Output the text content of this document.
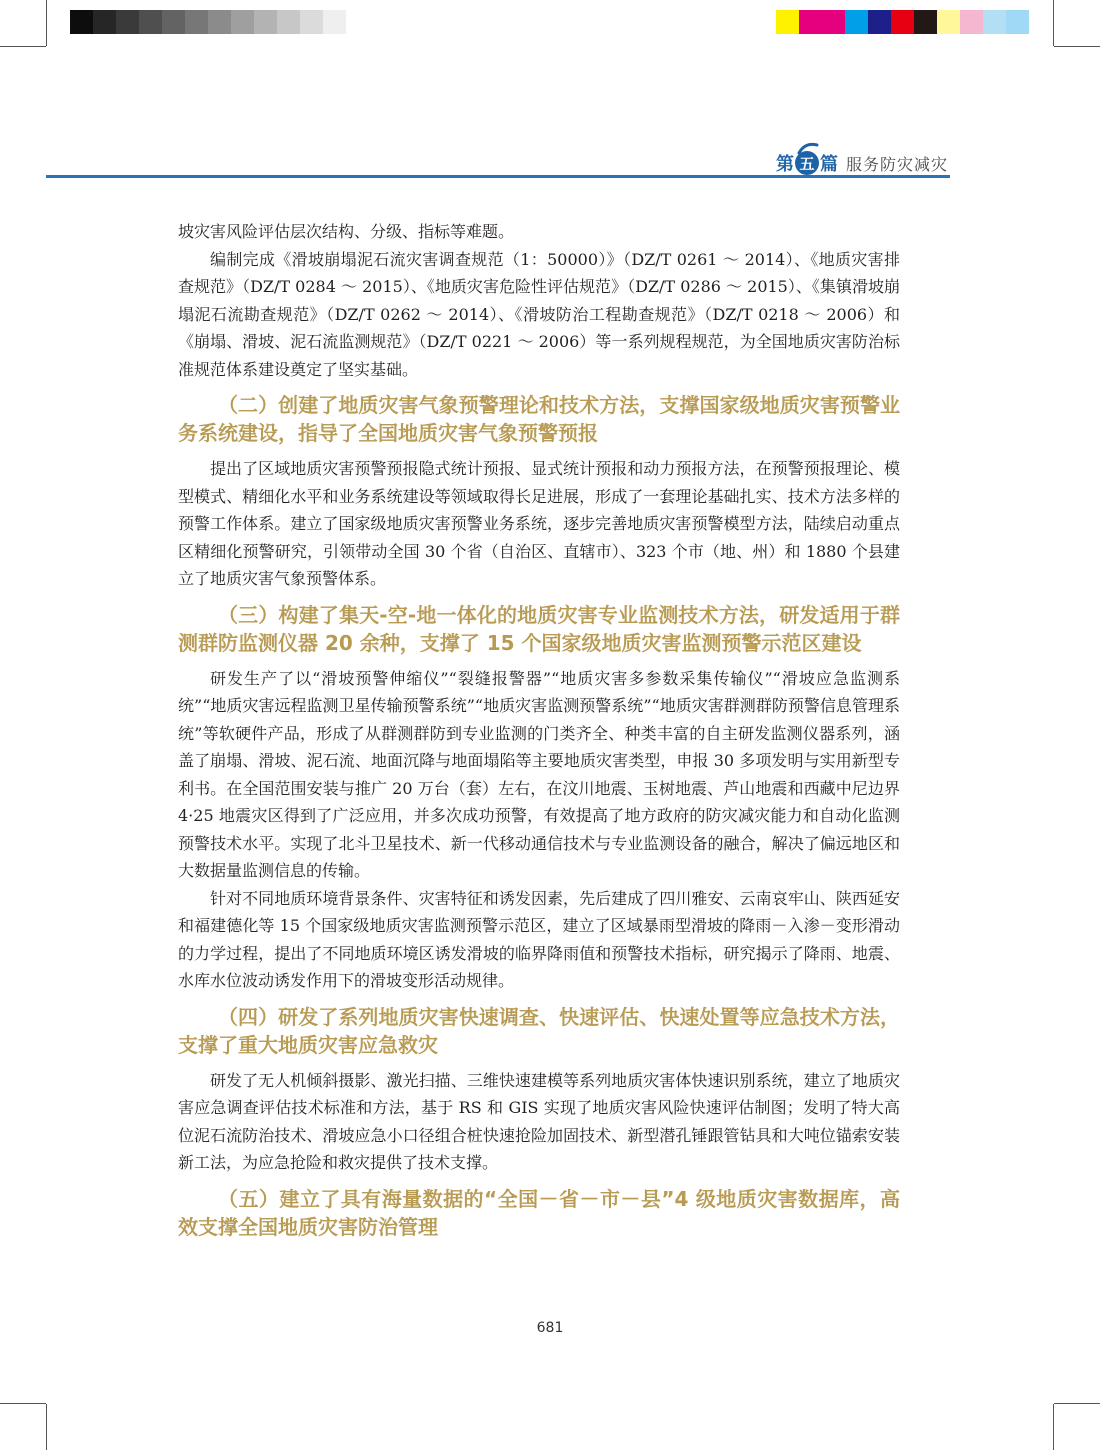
第 五 篇 服务防灾减灾

坡灾害风险评估层次结构、分级、指标等难题。

编制完成《滑坡崩塌泥石流灾害调查规范（1：50000）》（DZ/T 0261 ～ 2014）、《地质灾害排查规范》（DZ/T 0284 ～ 2015）、《地质灾害危险性评估规范》（DZ/T 0286 ～ 2015）、《集镇滑坡崩塌泥石流勘查规范》（DZ/T 0262 ～ 2014）、《滑坡防治工程勘查规范》（DZ/T 0218 ～ 2006）和《崩塌、滑坡、泥石流监测规范》（DZ/T 0221 ～ 2006）等一系列规程规范，为全国地质灾害防治标准规范体系建设奠定了坚实基础。

（二）创建了地质灾害气象预警理论和技术方法，支撑国家级地质灾害预警业务系统建设，指导了全国地质灾害气象预警预报

提出了区域地质灾害预警预报隐式统计预报、显式统计预报和动力预报方法，在预警预报理论、模型模式、精细化水平和业务系统建设等领域取得长足进展，形成了一套理论基础扎实、技术方法多样的预警工作体系。建立了国家级地质灾害预警业务系统，逐步完善地质灾害预警模型方法，陆续启动重点区精细化预警研究，引领带动全国 30 个省（自治区、直辖市）、323 个市（地、州）和 1880 个县建立了地质灾害气象预警体系。

（三）构建了集天-空-地一体化的地质灾害专业监测技术方法，研发适用于群测群防监测仪器 20 余种，支撑了 15 个国家级地质灾害监测预警示范区建设

研发生产了以“滑坡预警伸缩仪”“裂缝报警器”“地质灾害多参数采集传输仪”“滑坡应急监测系统”“地质灾害远程监测卫星传输预警系统”“地质灾害监测预警系统”“地质灾害群测群防预警信息管理系统”等软硬件产品，形成了从群测群防到专业监测的门类齐全、种类丰富的自主研发监测仪器系列，涵盖了崩塌、滑坡、泥石流、地面沉降与地面塌陷等主要地质灾害类型，申报 30 多项发明与实用新型专利书。在全国范围安装与推广 20 万台（套）左右，在汶川地震、玉树地震、芦山地震和西藏中尼边界 4·25 地震灾区得到了广泛应用，并多次成功预警，有效提高了地方政府的防灾减灾能力和自动化监测预警技术水平。实现了北斗卫星技术、新一代移动通信技术与专业监测设备的融合，解决了偏远地区和大数据量监测信息的传输。

针对不同地质环境背景条件、灾害特征和诱发因素，先后建成了四川雅安、云南哀牢山、陕西延安和福建德化等 15 个国家级地质灾害监测预警示范区，建立了区域暴雨型滑坡的降雨－入渗－变形滑动的力学过程，提出了不同地质环境区诱发滑坡的临界降雨值和预警技术指标，研究揭示了降雨、地震、水库水位波动诱发作用下的滑坡变形活动规律。

（四）研发了系列地质灾害快速调查、快速评估、快速处置等应急技术方法，支撑了重大地质灾害应急救灾

研发了无人机倾斜摄影、激光扫描、三维快速建模等系列地质灾害体快速识别系统，建立了地质灾害应急调查评估技术标准和方法，基于 RS 和 GIS 实现了地质灾害风险快速评估制图；发明了特大高位泥石流防治技术、滑坡应急小口径组合桩快速抢险加固技术、新型潜孔锤跟管钻具和大吨位锚索安装新工法，为应急抢险和救灾提供了技术支撑。

（五）建立了具有海量数据的“全国－省－市－县”4 级地质灾害数据库，高效支撑全国地质灾害防治管理

681
